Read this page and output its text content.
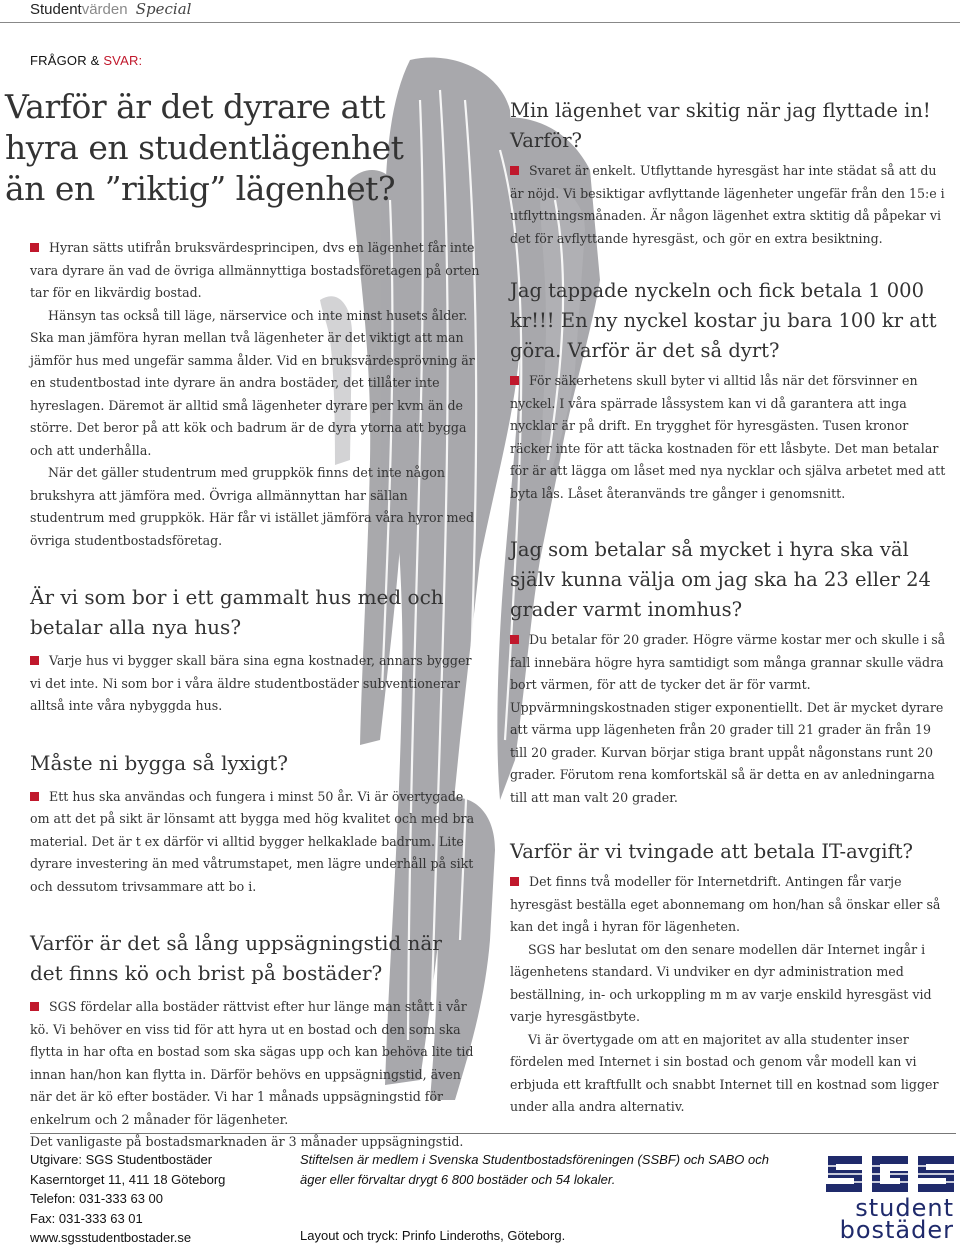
Studentvärden Special
FRÅGOR & SVAR:
Varför är det dyrare att
hyra en studentlägenhet
än en ”riktig” lägenhet?

Hyran sätts utifrån bruksvärdesprincipen, dvs en lägenhet får inte vara dyrare än vad de övriga allmännyttiga bostadsföretagen på orten tar för en likvärdig bostad.

Hänsyn tas också till läge, närservice och inte minst husets ålder. Ska man jämföra hyran mellan två lägenheter är det viktigt att man jämför hus med ungefär samma ålder. Vid en bruksvärdesprövning är en studentbostad inte dyrare än andra bostäder, det tillåter inte hyreslagen. Däremot är alltid små lägenheter dyrare per kvm än de större. Det beror på att kök och badrum är de dyra ytorna att bygga och att underhålla.

När det gäller studentrum med gruppkök finns det inte någon brukshyra att jämföra med. Övriga allmännyttan har sällan studentrum med gruppkök. Här får vi istället jämföra våra hyror med övriga studentbostadsföretag.

Är vi som bor i ett gammalt hus med och betalar alla nya hus?

Varje hus vi bygger skall bära sina egna kostnader, annars bygger vi det inte. Ni som bor i våra äldre studentbostäder subventionerar alltså inte våra nybyggda hus.

Måste ni bygga så lyxigt?

Ett hus ska användas och fungera i minst 50 år. Vi är övertygade om att det på sikt är lönsamt att bygga med hög kvalitet och med bra material. Det är t ex därför vi alltid bygger helkaklade badrum. Lite dyrare investering än med våtrumstapet, men lägre underhåll på sikt och dessutom trivsammare att bo i.

Varför är det så lång uppsägningstid när det finns kö och brist på bostäder?

SGS fördelar alla bostäder rättvist efter hur länge man stått i vår kö. Vi behöver en viss tid för att hyra ut en bostad och den som ska flytta in har ofta en bostad som ska sägas upp och kan behöva lite tid innan han/hon kan flytta in. Därför behövs en uppsägningstid, även när det är kö efter bostäder. Vi har 1 månads uppsägningstid för enkelrum och 2 månader för lägenheter.

Det vanligaste på bostadsmarknaden är 3 månader uppsägningstid.

Min lägenhet var skitig när jag flyttade in! Varför?

Svaret är enkelt. Utflyttande hyresgäst har inte städat så att du är nöjd. Vi besiktigar avflyttande lägenheter ungefär från den 15:e i utflyttningsmånaden. Är någon lägenhet extra sktitig då påpekar vi det för avflyttande hyresgäst, och gör en extra besiktning.

Jag tappade nyckeln och fick betala 1 000 kr!!! En ny nyckel kostar ju bara 100 kr att göra. Varför är det så dyrt?

För säkerhetens skull byter vi alltid lås när det försvinner en nyckel. I våra spärrade låssystem kan vi då garantera att inga nycklar är på drift. En trygghet för hyresgästen. Tusen kronor räcker inte för att täcka kostnaden för ett låsbyte. Det man betalar för är att lägga om låset med nya nycklar och själva arbetet med att byta lås. Låset återanvänds tre gånger i genomsnitt.

Jag som betalar så mycket i hyra ska väl själv kunna välja om jag ska ha 23 eller 24 grader varmt inomhus?

Du betalar för 20 grader. Högre värme kostar mer och skulle i så fall innebära högre hyra samtidigt som många grannar skulle vädra bort värmen, för att de tycker det är för varmt. Uppvärmningskostnaden stiger exponentiellt. Det är mycket dyrare att värma upp lägenheten från 20 grader till 21 grader än från 19 till 20 grader. Kurvan börjar stiga brant uppåt någonstans runt 20 grader. Förutom rena komfortskäl så är detta en av anledningarna till att man valt 20 grader.

Varför är vi tvingade att betala IT-avgift?

Det finns två modeller för Internetdrift. Antingen får varje hyresgäst beställa eget abonnemang om hon/han så önskar eller så kan det ingå i hyran för lägenheten.

SGS har beslutat om den senare modellen där Internet ingår i lägenhetens standard. Vi undviker en dyr administration med beställning, in- och urkoppling m m av varje enskild hyresgäst vid varje hyresgästbyte.

Vi är övertygade om att en majoritet av alla studenter inser fördelen med Internet i sin bostad och genom vår modell kan vi erbjuda ett kraftfullt och snabbt Internet till en kostnad som ligger under alla andra alternativ.

Utgivare: SGS Studentbostäder
Kaserntorget 11, 411 18 Göteborg
Telefon: 031-333 63 00
Fax: 031-333 63 01
www.sgsstudentbostader.se
Stiftelsen är medlem i Svenska Studentbostadsföreningen (SSBF) och SABO och äger eller förvaltar drygt 6 800 bostäder och 54 lokaler.
Layout och tryck: Prinfo Linderoths, Göteborg.
student
bostäder
